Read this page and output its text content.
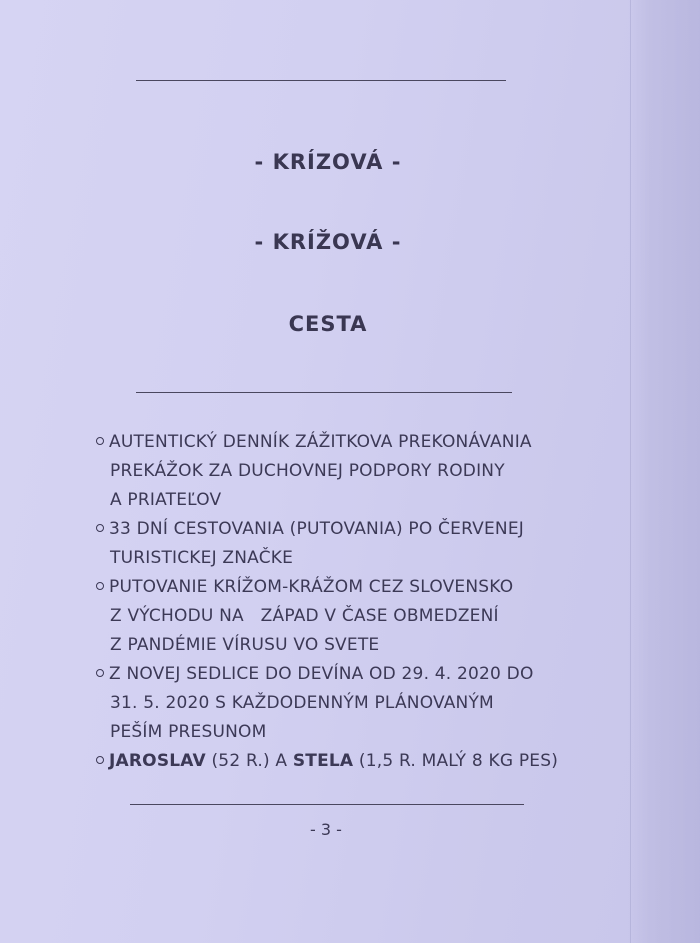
- KRÍZOVÁ -
- KRÍŽOVÁ -
CESTA
AUTENTICKÝ DENNÍK ZÁŽITKOVA PREKONÁVANIA
PREKÁŽOK ZA DUCHOVNEJ PODPORY RODINY
A PRIATEĽOV
33 DNÍ CESTOVANIA (PUTOVANIA) PO ČERVENEJ
TURISTICKEJ ZNAČKE
PUTOVANIE KRÍŽOM-KRÁŽOM CEZ SLOVENSKO
Z VÝCHODU NA   ZÁPAD V ČASE OBMEDZENÍ
Z PANDÉMIE VÍRUSU VO SVETE
Z NOVEJ SEDLICE DO DEVÍNA OD 29. 4. 2020 DO
31. 5. 2020 S KAŽDODENNÝM PLÁNOVANÝM
PEŠÍM PRESUNOM
JAROSLAV (52 R.) A STELA (1,5 R. MALÝ 8 KG PES)
- 3 -
